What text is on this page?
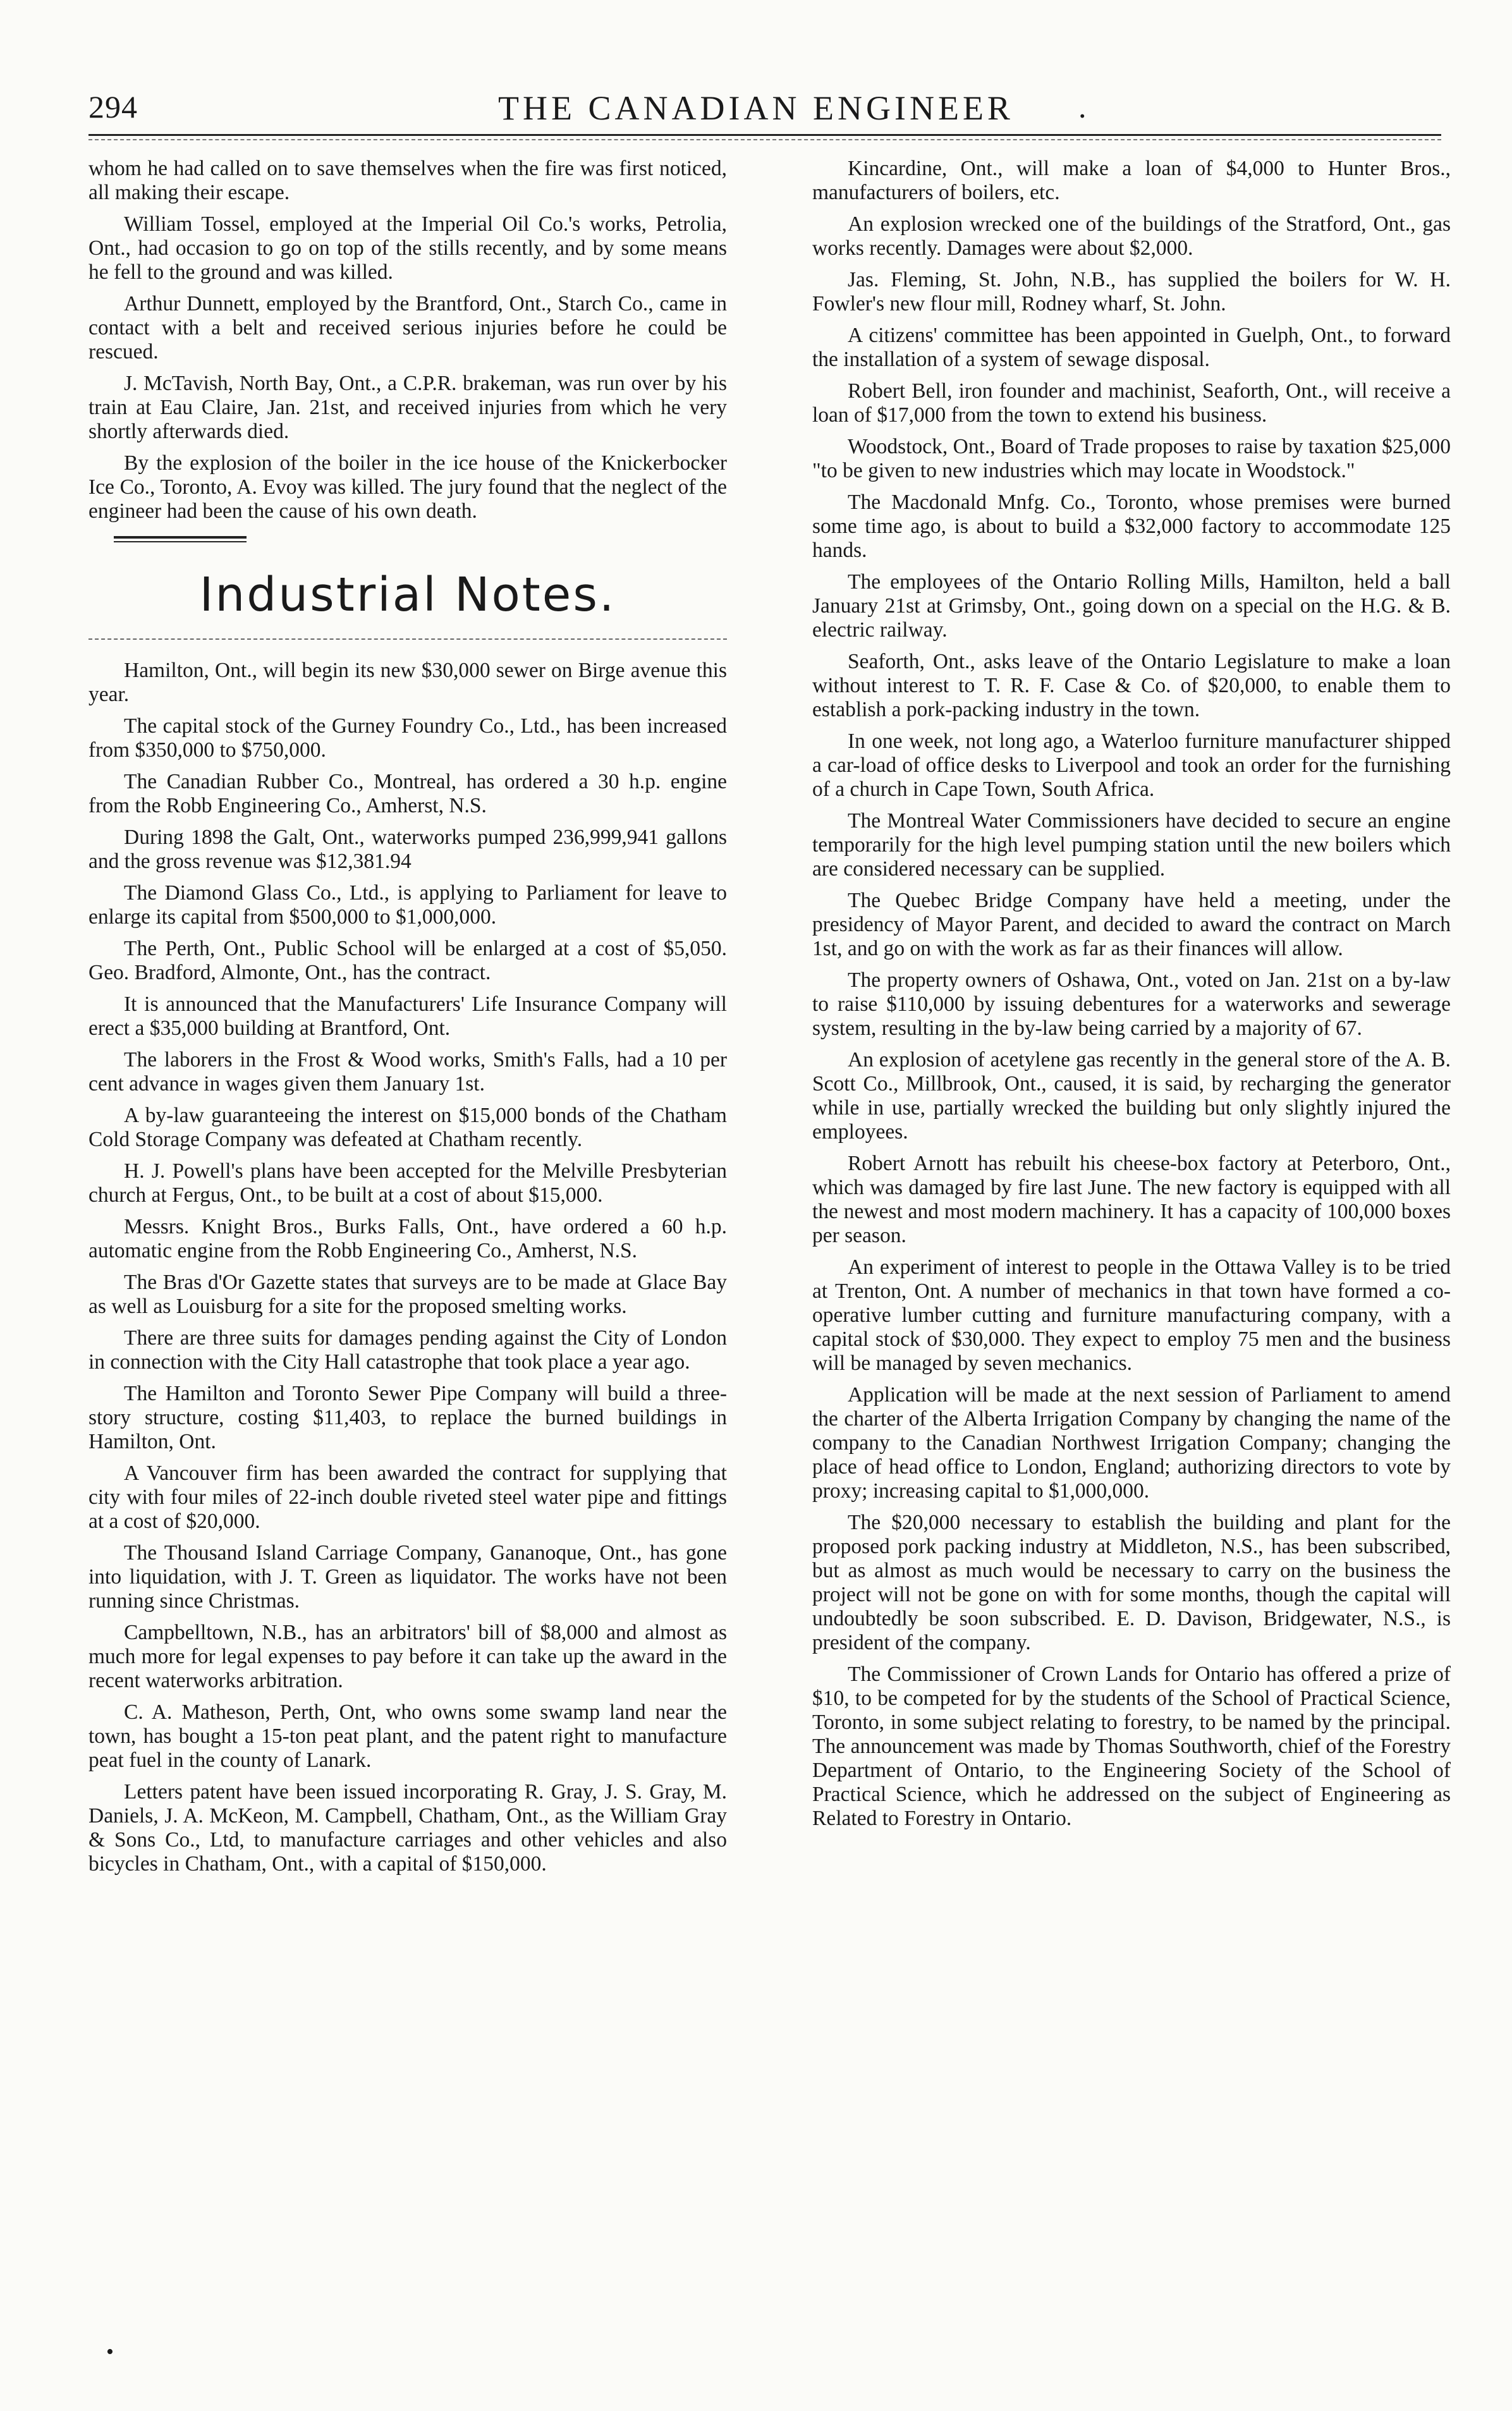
294	THE CANADIAN ENGINEER	.

whom he had called on to save themselves when the fire was first noticed, all making their escape.

William Tossel, employed at the Imperial Oil Co.'s works, Petrolia, Ont., had occasion to go on top of the stills recently, and by some means he fell to the ground and was killed.

Arthur Dunnett, employed by the Brantford, Ont., Starch Co., came in contact with a belt and received serious injuries before he could be rescued.

J. McTavish, North Bay, Ont., a C.P.R. brakeman, was run over by his train at Eau Claire, Jan. 21st, and received injuries from which he very shortly afterwards died.

By the explosion of the boiler in the ice house of the Knickerbocker Ice Co., Toronto, A. Evoy was killed. The jury found that the neglect of the engineer had been the cause of his own death.

Industrial Notes.

Hamilton, Ont., will begin its new $30,000 sewer on Birge avenue this year.

The capital stock of the Gurney Foundry Co., Ltd., has been increased from $350,000 to $750,000.

The Canadian Rubber Co., Montreal, has ordered a 30 h.p. engine from the Robb Engineering Co., Amherst, N.S.

During 1898 the Galt, Ont., waterworks pumped 236,999,941 gallons and the gross revenue was $12,381.94

The Diamond Glass Co., Ltd., is applying to Parliament for leave to enlarge its capital from $500,000 to $1,000,000.

The Perth, Ont., Public School will be enlarged at a cost of $5,050. Geo. Bradford, Almonte, Ont., has the contract.

It is announced that the Manufacturers' Life Insurance Company will erect a $35,000 building at Brantford, Ont.

The laborers in the Frost & Wood works, Smith's Falls, had a 10 per cent advance in wages given them January 1st.

A by-law guaranteeing the interest on $15,000 bonds of the Chatham Cold Storage Company was defeated at Chatham recently.

H. J. Powell's plans have been accepted for the Melville Presbyterian church at Fergus, Ont., to be built at a cost of about $15,000.

Messrs. Knight Bros., Burks Falls, Ont., have ordered a 60 h.p. automatic engine from the Robb Engineering Co., Amherst, N.S.

The Bras d'Or Gazette states that surveys are to be made at Glace Bay as well as Louisburg for a site for the proposed smelting works.

There are three suits for damages pending against the City of London in connection with the City Hall catastrophe that took place a year ago.

The Hamilton and Toronto Sewer Pipe Company will build a three-story structure, costing $11,403, to replace the burned buildings in Hamilton, Ont.

A Vancouver firm has been awarded the contract for supplying that city with four miles of 22-inch double riveted steel water pipe and fittings at a cost of $20,000.

The Thousand Island Carriage Company, Gananoque, Ont., has gone into liquidation, with J. T. Green as liquidator. The works have not been running since Christmas.

Campbelltown, N.B., has an arbitrators' bill of $8,000 and almost as much more for legal expenses to pay before it can take up the award in the recent waterworks arbitration.

C. A. Matheson, Perth, Ont, who owns some swamp land near the town, has bought a 15-ton peat plant, and the patent right to manufacture peat fuel in the county of Lanark.

Letters patent have been issued incorporating R. Gray, J. S. Gray, M. Daniels, J. A. McKeon, M. Campbell, Chatham, Ont., as the William Gray & Sons Co., Ltd, to manufacture carriages and other vehicles and also bicycles in Chatham, Ont., with a capital of $150,000.

Kincardine, Ont., will make a loan of $4,000 to Hunter Bros., manufacturers of boilers, etc.

An explosion wrecked one of the buildings of the Stratford, Ont., gas works recently. Damages were about $2,000.

Jas. Fleming, St. John, N.B., has supplied the boilers for W. H. Fowler's new flour mill, Rodney wharf, St. John.

A citizens' committee has been appointed in Guelph, Ont., to forward the installation of a system of sewage disposal.

Robert Bell, iron founder and machinist, Seaforth, Ont., will receive a loan of $17,000 from the town to extend his business.

Woodstock, Ont., Board of Trade proposes to raise by taxation $25,000 "to be given to new industries which may locate in Woodstock."

The Macdonald Mnfg. Co., Toronto, whose premises were burned some time ago, is about to build a $32,000 factory to accommodate 125 hands.

The employees of the Ontario Rolling Mills, Hamilton, held a ball January 21st at Grimsby, Ont., going down on a special on the H.G. & B. electric railway.

Seaforth, Ont., asks leave of the Ontario Legislature to make a loan without interest to T. R. F. Case & Co. of $20,000, to enable them to establish a pork-packing industry in the town.

In one week, not long ago, a Waterloo furniture manufacturer shipped a car-load of office desks to Liverpool and took an order for the furnishing of a church in Cape Town, South Africa.

The Montreal Water Commissioners have decided to secure an engine temporarily for the high level pumping station until the new boilers which are considered necessary can be supplied.

The Quebec Bridge Company have held a meeting, under the presidency of Mayor Parent, and decided to award the contract on March 1st, and go on with the work as far as their finances will allow.

The property owners of Oshawa, Ont., voted on Jan. 21st on a by-law to raise $110,000 by issuing debentures for a waterworks and sewerage system, resulting in the by-law being carried by a majority of 67.

An explosion of acetylene gas recently in the general store of the A. B. Scott Co., Millbrook, Ont., caused, it is said, by recharging the generator while in use, partially wrecked the building but only slightly injured the employees.

Robert Arnott has rebuilt his cheese-box factory at Peterboro, Ont., which was damaged by fire last June. The new factory is equipped with all the newest and most modern machinery. It has a capacity of 100,000 boxes per season.

An experiment of interest to people in the Ottawa Valley is to be tried at Trenton, Ont. A number of mechanics in that town have formed a co-operative lumber cutting and furniture manufacturing company, with a capital stock of $30,000. They expect to employ 75 men and the business will be managed by seven mechanics.

Application will be made at the next session of Parliament to amend the charter of the Alberta Irrigation Company by changing the name of the company to the Canadian Northwest Irrigation Company; changing the place of head office to London, England; authorizing directors to vote by proxy; increasing capital to $1,000,000.

The $20,000 necessary to establish the building and plant for the proposed pork packing industry at Middleton, N.S., has been subscribed, but as almost as much would be necessary to carry on the business the project will not be gone on with for some months, though the capital will undoubtedly be soon subscribed. E. D. Davison, Bridgewater, N.S., is president of the company.

The Commissioner of Crown Lands for Ontario has offered a prize of $10, to be competed for by the students of the School of Practical Science, Toronto, in some subject relating to forestry, to be named by the principal. The announcement was made by Thomas Southworth, chief of the Forestry Department of Ontario, to the Engineering Society of the School of Practical Science, which he addressed on the subject of Engineering as Related to Forestry in Ontario.

•
